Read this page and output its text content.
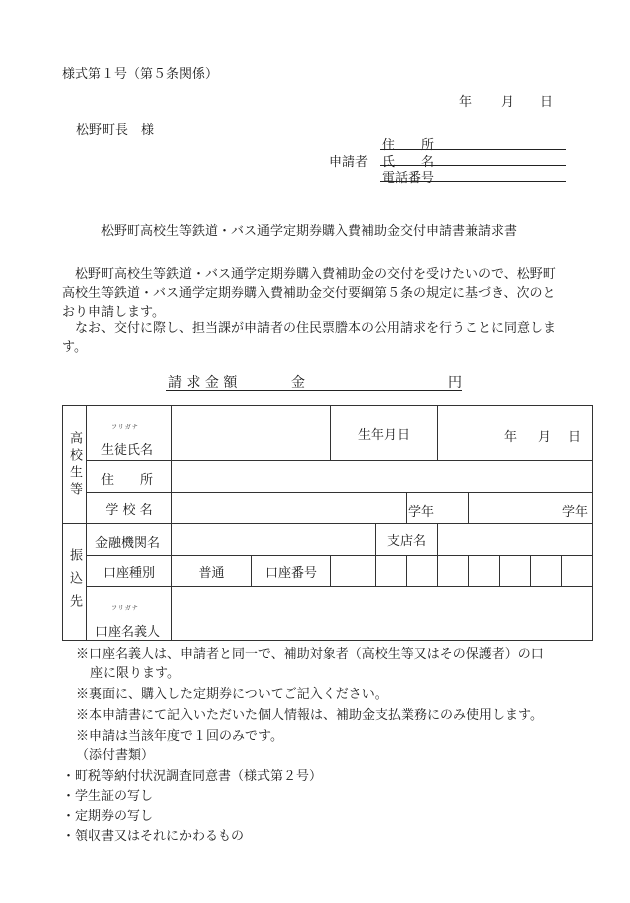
様式第１号（第５条関係）
年 月 日
松野町長　様
申請者
住　　所
氏　　名
電話番号
松野町高校生等鉄道・バス通学定期券購入費補助金交付申請書兼請求書
　松野町高校生等鉄道・バス通学定期券購入費補助金の交付を受けたいので、松野町高校生等鉄道・バス通学定期券購入費補助金交付要綱第５条の規定に基づき、次のとおり申請します。
　なお、交付に際し、担当課が申請者の住民票謄本の公用請求を行うことに同意します。
請 求 金 額	金	円
高校生等	フリガナ
生徒氏名			生年月日			年 月 日				

	住　　所										

	学 校 名					学年		学年			

振込先	金融機関名				支店名						
	口座種別	普通	口座番号								

	フリガナ
口座名義人										

※口座名義人は、申請者と同一で、補助対象者（高校生等又はその保護者）の口
座に限ります。
※裏面に、購入した定期券についてご記入ください。
※本申請書にて記入いただいた個人情報は、補助金支払業務にのみ使用します。
※申請は当該年度で１回のみです。
（添付書類）
・町税等納付状況調査同意書（様式第２号）
・学生証の写し
・定期券の写し
・領収書又はそれにかわるもの
